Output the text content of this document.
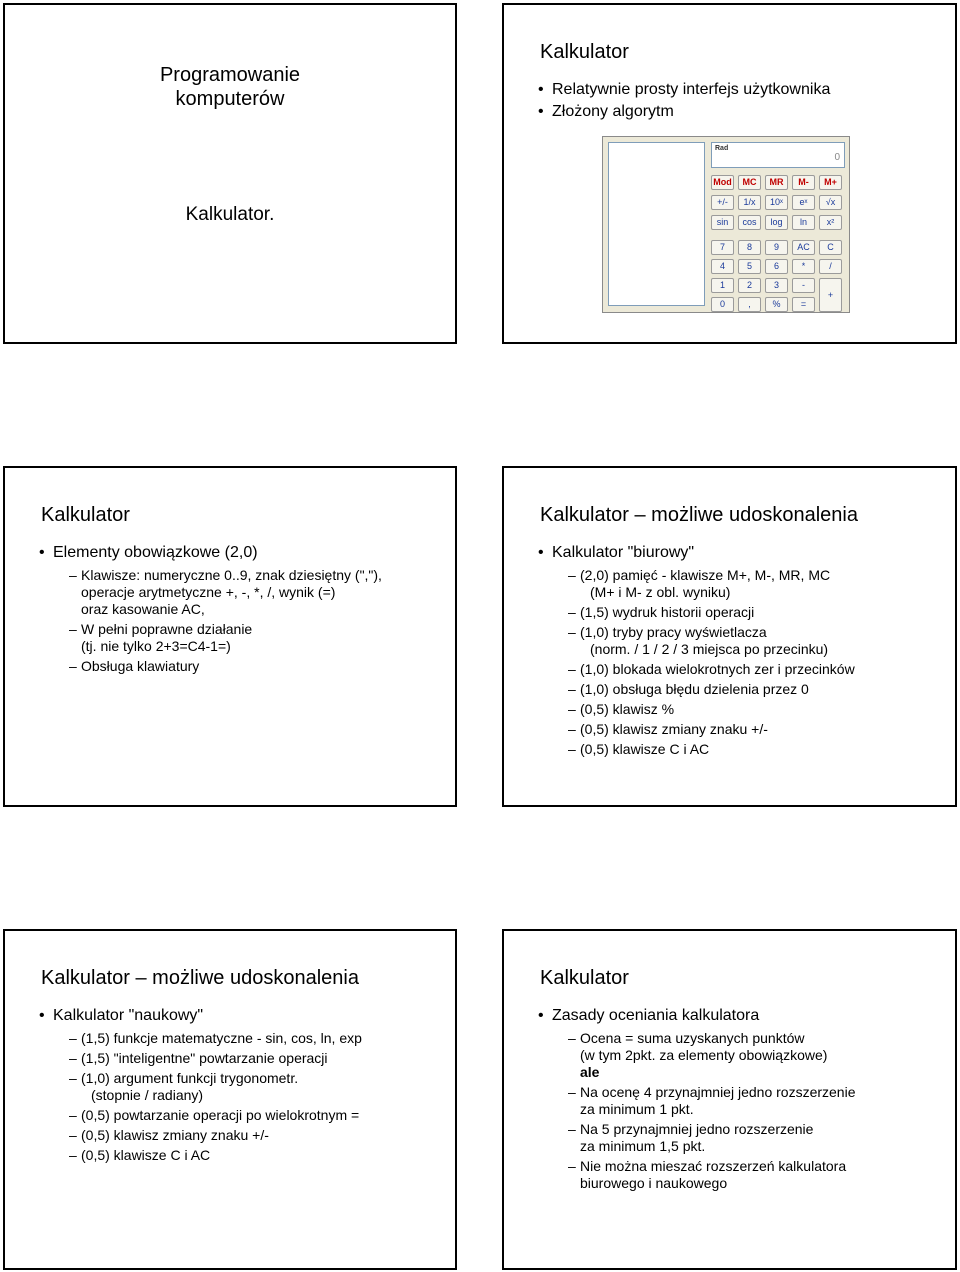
Programowanie
komputerów
Kalkulator.
Kalkulator
• Relatywnie prosty interfejs użytkownika
• Złożony algorytm
Rad
0
Mod	MC	MR	M-	M+
+/-	1/x	10ˣ	eˣ	√x
sin	cos	log	ln	x²
7	8	9	AC	C
4	5	6	*	/
1	2	3	-
+
0	,	%	=
Kalkulator
• Elementy obowiązkowe (2,0)
– Klawisze: numeryczne 0..9, znak dziesiętny (","),
operacje arytmetyczne +, -, *, /, wynik (=)
oraz kasowanie AC,
– W pełni poprawne działanie
(tj. nie tylko 2+3=C4-1=)
– Obsługa klawiatury
Kalkulator – możliwe udoskonalenia
• Kalkulator "biurowy"
– (2,0) pamięć - klawisze M+, M-, MR, MC
(M+ i M- z obl. wyniku)
– (1,5) wydruk historii operacji
– (1,0) tryby pracy wyświetlacza
(norm. / 1 / 2 / 3 miejsca po przecinku)
– (1,0) blokada wielokrotnych zer i przecinków
– (1,0) obsługa błędu dzielenia przez 0
– (0,5) klawisz %
– (0,5) klawisz zmiany znaku +/-
– (0,5) klawisze C i AC
Kalkulator – możliwe udoskonalenia
• Kalkulator "naukowy"
– (1,5) funkcje matematyczne - sin, cos, ln, exp
– (1,5) "inteligentne" powtarzanie operacji
– (1,0) argument funkcji trygonometr.
(stopnie / radiany)
– (0,5) powtarzanie operacji po wielokrotnym =
– (0,5) klawisz zmiany znaku +/-
– (0,5) klawisze C i AC
Kalkulator
• Zasady oceniania kalkulatora
– Ocena = suma uzyskanych punktów
(w tym 2pkt. za elementy obowiązkowe)
ale
– Na ocenę 4 przynajmniej jedno rozszerzenie
za minimum 1 pkt.
– Na 5 przynajmniej jedno rozszerzenie
za minimum 1,5 pkt.
– Nie można mieszać rozszerzeń kalkulatora
biurowego i naukowego
